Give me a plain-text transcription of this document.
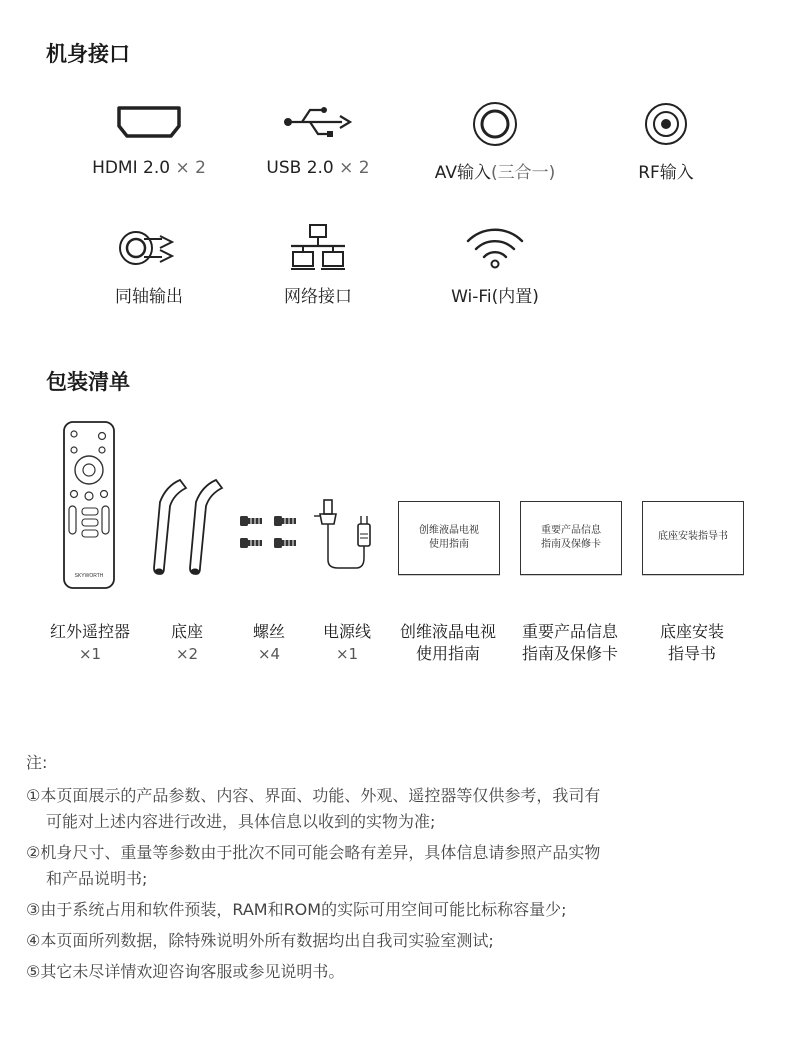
机身接口
HDMI 2.0 × 2	USB 2.0 × 2	AV输入(三合一)	RF输入
同轴输出	网络接口	Wi-Fi(内置)
包装清单
SKYWORTH
创维液晶电视
使用指南
重要产品信息
指南及保修卡
底座安装指导书
红外遥控器
×1
底座
×2
螺丝
×4
电源线
×1
创维液晶电视
使用指南
重要产品信息
指南及保修卡
底座安装
指导书

注:

①本页面展示的产品参数、内容、界面、功能、外观、遥控器等仅供参考，我司有
可能对上述内容进行改进，具体信息以收到的实物为准;

②机身尺寸、重量等参数由于批次不同可能会略有差异，具体信息请参照产品实物
和产品说明书;

③由于系统占用和软件预装，RAM和ROM的实际可用空间可能比标称容量少;

④本页面所列数据，除特殊说明外所有数据均出自我司实验室测试;

⑤其它未尽详情欢迎咨询客服或参见说明书。
